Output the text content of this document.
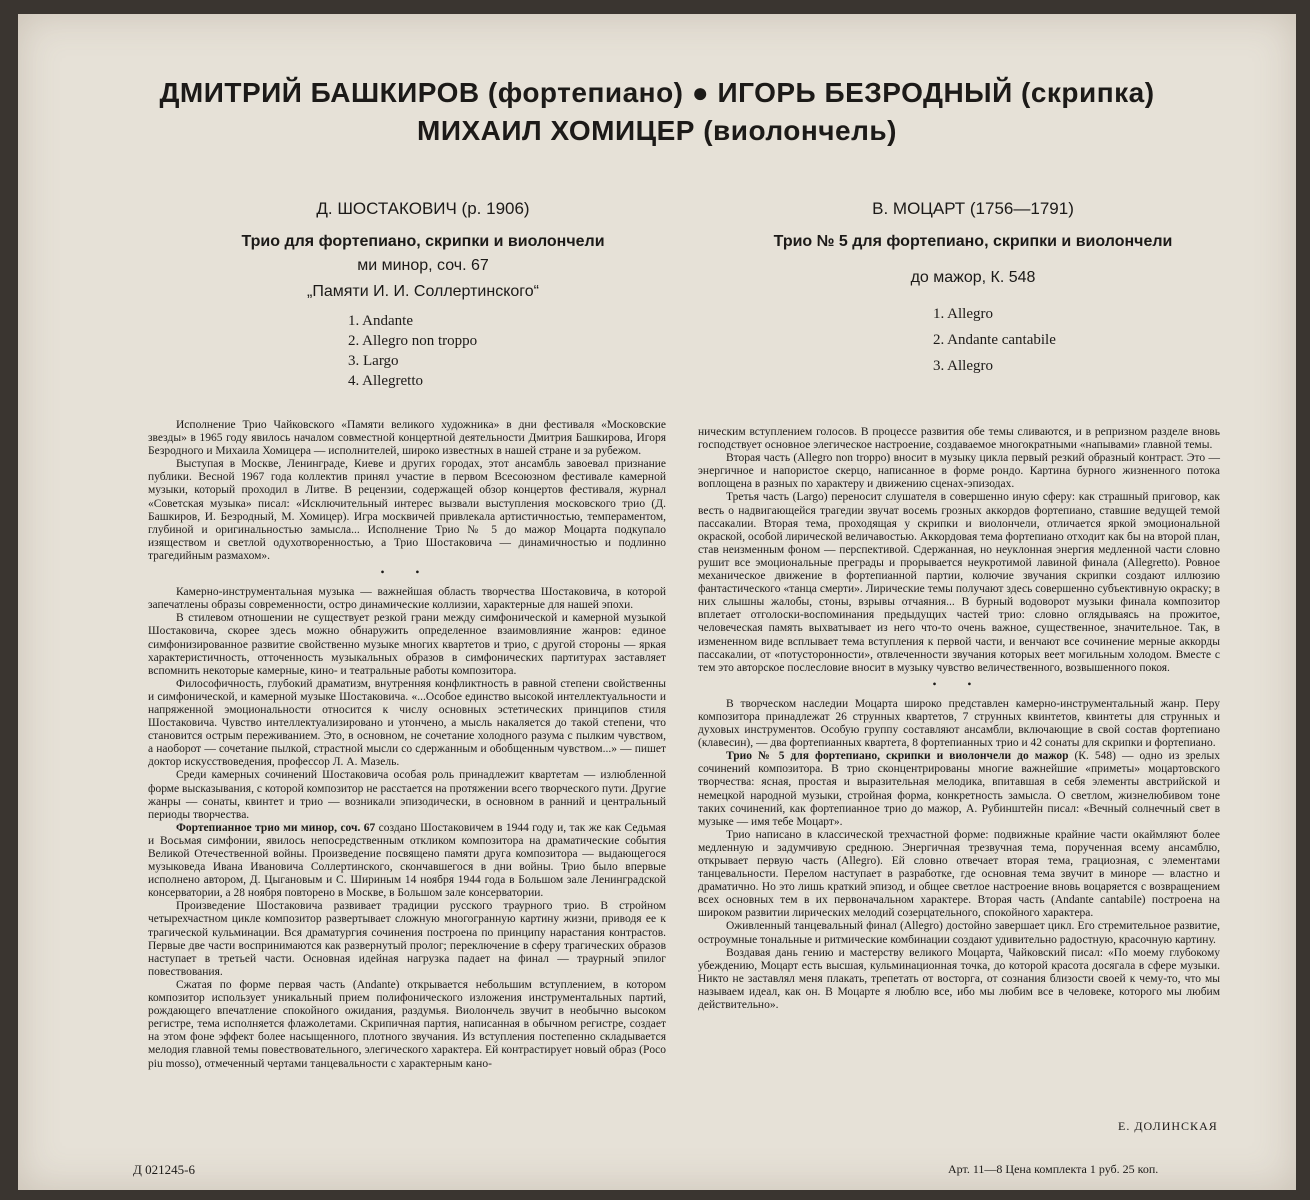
ДМИТРИЙ БАШКИРОВ (фортепиано) ● ИГОРЬ БЕЗРОДНЫЙ (скрипка)
МИХАИЛ ХОМИЦЕР (виолончель)
Д. ШОСТАКОВИЧ (р. 1906)
Трио для фортепиано, скрипки и виолончели
ми минор, соч. 67
„Памяти И. И. Соллертинского“
1. Andante
2. Allegro non troppo
3. Largo
4. Allegretto
В. МОЦАРТ (1756—1791)
Трио № 5 для фортепиано, скрипки и виолончели
до мажор, К. 548
1. Allegro
2. Andante cantabile
3. Allegro

Исполнение Трио Чайковского «Памяти великого художника» в дни фестиваля «Московские звезды» в 1965 году явилось началом совместной концертной деятельности Дмитрия Башкирова, Игоря Безродного и Михаила Хомицера — исполнителей, широко известных в нашей стране и за рубежом.

Выступая в Москве, Ленинграде, Киеве и других городах, этот ансамбль завоевал признание публики. Весной 1967 года коллектив принял участие в первом Всесоюзном фестивале камерной музыки, который проходил в Литве. В рецензии, содержащей обзор концертов фестиваля, журнал «Советская музыка» писал: «Исключительный интерес вызвали выступления московского трио (Д. Башкиров, И. Безродный, М. Хомицер). Игра москвичей привлекала артистичностью, темпераментом, глубиной и оригинальностью замысла... Исполнение Трио № 5 до мажор Моцарта подкупало изяществом и светлой одухотворенностью, а Трио Шостаковича — динамичностью и подлинно трагедийным размахом».

• •

Камерно-инструментальная музыка — важнейшая область творчества Шостаковича, в которой запечатлены образы современности, остро динамические коллизии, характерные для нашей эпохи.

В стилевом отношении не существует резкой грани между симфонической и камерной музыкой Шостаковича, скорее здесь можно обнаружить определенное взаимовлияние жанров: единое симфонизированное развитие свойственно музыке многих квартетов и трио, с другой стороны — яркая характеристичность, отточенность музыкальных образов в симфонических партитурах заставляет вспомнить некоторые камерные, кино- и театральные работы композитора.

Философичность, глубокий драматизм, внутренняя конфликтность в равной степени свойственны и симфонической, и камерной музыке Шостаковича. «...Особое единство высокой интеллектуальности и напряженной эмоциональности относится к числу основных эстетических принципов стиля Шостаковича. Чувство интеллектуализировано и утончено, а мысль накаляется до такой степени, что становится острым переживанием. Это, в основном, не сочетание холодного разума с пылким чувством, а наоборот — сочетание пылкой, страстной мысли со сдержанным и обобщенным чувством...» — пишет доктор искусствоведения, профессор Л. А. Мазель.

Среди камерных сочинений Шостаковича особая роль принадлежит квартетам — излюбленной форме высказывания, с которой композитор не расстается на протяжении всего творческого пути. Другие жанры — сонаты, квинтет и трио — возникали эпизодически, в основном в ранний и центральный периоды творчества.

Фортепианное трио ми минор, соч. 67 создано Шостаковичем в 1944 году и, так же как Седьмая и Восьмая симфонии, явилось непосредственным откликом композитора на драматические события Великой Отечественной войны. Произведение посвящено памяти друга композитора — выдающегося музыковеда Ивана Ивановича Соллертинского, скончавшегося в дни войны. Трио было впервые исполнено автором, Д. Цыгановым и С. Шириным 14 ноября 1944 года в Большом зале Ленинградской консерватории, а 28 ноября повторено в Москве, в Большом зале консерватории.

Произведение Шостаковича развивает традиции русского траурного трио. В стройном четырехчастном цикле композитор развертывает сложную многогранную картину жизни, приводя ее к трагической кульминации. Вся драматургия сочинения построена по принципу нарастания контрастов. Первые две части воспринимаются как развернутый пролог; переключение в сферу трагических образов наступает в третьей части. Основная идейная нагрузка падает на финал — траурный эпилог повествования.

Сжатая по форме первая часть (Andante) открывается небольшим вступлением, в котором композитор использует уникальный прием полифонического изложения инструментальных партий, рождающего впечатление спокойного ожидания, раздумья. Виолончель звучит в необычно высоком регистре, тема исполняется флажолетами. Скрипичная партия, написанная в обычном регистре, создает на этом фоне эффект более насыщенного, плотного звучания. Из вступления постепенно складывается мелодия главной темы повествовательного, элегического характера. Ей контрастирует новый образ (Poco piu mosso), отмеченный чертами танцевальности с характерным кано-

ническим вступлением голосов. В процессе развития обе темы сливаются, и в репризном разделе вновь господствует основное элегическое настроение, создаваемое многократными «напывами» главной темы.

Вторая часть (Allegro non troppo) вносит в музыку цикла первый резкий образный контраст. Это — энергичное и напористое скерцо, написанное в форме рондо. Картина бурного жизненного потока воплощена в разных по характеру и движению сценах-эпизодах.

Третья часть (Largo) переносит слушателя в совершенно иную сферу: как страшный приговор, как весть о надвигающейся трагедии звучат восемь грозных аккордов фортепиано, ставшие ведущей темой пассакалии. Вторая тема, проходящая у скрипки и виолончели, отличается яркой эмоциональной окраской, особой лирической величавостью. Аккордовая тема фортепиано отходит как бы на второй план, став неизменным фоном — перспективой. Сдержанная, но неуклонная энергия медленной части словно рушит все эмоциональные преграды и прорывается неукротимой лавиной финала (Allegretto). Ровное механическое движение в фортепианной партии, колючие звучания скрипки создают иллюзию фантастического «танца смерти». Лирические темы получают здесь совершенно субъективную окраску; в них слышны жалобы, стоны, взрывы отчаяния... В бурный водоворот музыки финала композитор вплетает отголоски-воспоминания предыдущих частей трио: словно оглядываясь на прожитое, человеческая память выхватывает из него что-то очень важное, существенное, значительное. Так, в измененном виде всплывает тема вступления к первой части, и венчают все сочинение мерные аккорды пассакалии, от «потусторонности», отвлеченности звучания которых веет могильным холодом. Вместе с тем это авторское послесловие вносит в музыку чувство величественного, возвышенного покоя.

• •

В творческом наследии Моцарта широко представлен камерно-инструментальный жанр. Перу композитора принадлежат 26 струнных квартетов, 7 струнных квинтетов, квинтеты для струнных и духовых инструментов. Особую группу составляют ансамбли, включающие в свой состав фортепиано (клавесин), — два фортепианных квартета, 8 фортепианных трио и 42 сонаты для скрипки и фортепиано.

Трио № 5 для фортепиано, скрипки и виолончели до мажор (К. 548) — одно из зрелых сочинений композитора. В трио сконцентрированы многие важнейшие «приметы» моцартовского творчества: ясная, простая и выразительная мелодика, впитавшая в себя элементы австрийской и немецкой народной музыки, стройная форма, конкретность замысла. О светлом, жизнелюбивом тоне таких сочинений, как фортепианное трио до мажор, А. Рубинштейн писал: «Вечный солнечный свет в музыке — имя тебе Моцарт».

Трио написано в классической трехчастной форме: подвижные крайние части окаймляют более медленную и задумчивую среднюю. Энергичная трезвучная тема, порученная всему ансамблю, открывает первую часть (Allegro). Ей словно отвечает вторая тема, грациозная, с элементами танцевальности. Перелом наступает в разработке, где основная тема звучит в миноре — властно и драматично. Но это лишь краткий эпизод, и общее светлое настроение вновь воцаряется с возвращением всех основных тем в их первоначальном характере. Вторая часть (Andante cantabile) построена на широком развитии лирических мелодий созерцательного, спокойного характера.

Оживленный танцевальный финал (Allegro) достойно завершает цикл. Его стремительное развитие, остроумные тональные и ритмические комбинации создают удивительно радостную, красочную картину.

Воздавая дань гению и мастерству великого Моцарта, Чайковский писал: «По моему глубокому убеждению, Моцарт есть высшая, кульминационная точка, до которой красота досягала в сфере музыки. Никто не заставлял меня плакать, трепетать от восторга, от сознания близости своей к чему-то, что мы называем идеал, как он. В Моцарте я люблю все, ибо мы любим все в человеке, которого мы любим действительно».

Е. ДОЛИНСКАЯ
Д 021245-6	Арт. 11—8 Цена комплекта 1 руб. 25 коп.
